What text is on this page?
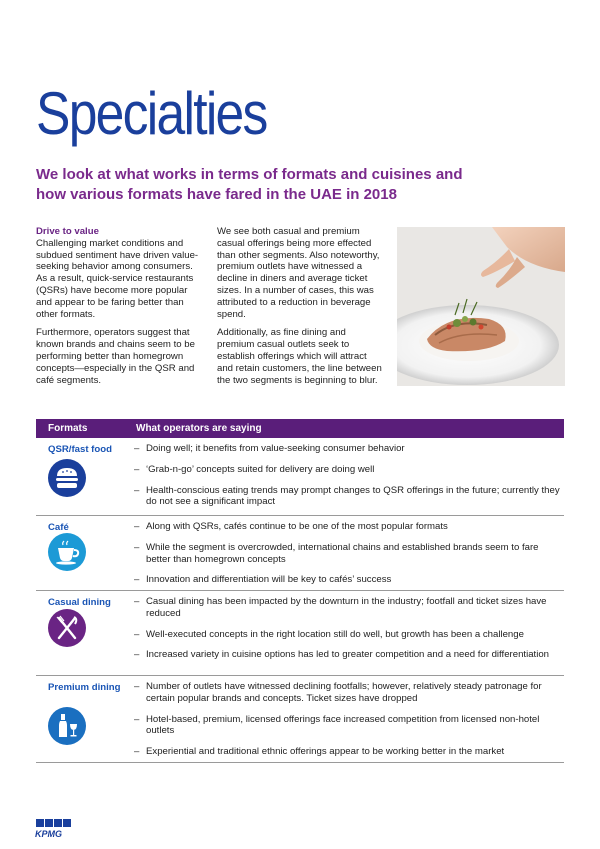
Specialties
We look at what works in terms of formats and cuisines and how various formats have fared in the UAE in 2018

Drive to value
Challenging market conditions and subdued sentiment have driven value-seeking behavior among consumers. As a result, quick-service restaurants (QSRs) have become more popular and appear to be faring better than other formats.

Furthermore, operators suggest that known brands and chains seem to be performing better than homegrown concepts—especially in the QSR and café segments.

We see both casual and premium casual offerings being more effected than other segments. Also noteworthy, premium outlets have witnessed a decline in diners and average ticket sizes. In a number of cases, this was attributed to a reduction in beverage spend.

Additionally, as fine dining and premium casual outlets seek to establish offerings which will attract and retain customers, the line between the two segments is beginning to blur.

Formats	What operators are saying
QSR/fast food	– Doing well; it benefits from value-seeking consumer behavior
– ‘Grab-n-go’ concepts suited for delivery are doing well
– Health-conscious eating trends may prompt changes to QSR offerings in the future; currently they do not see a significant impact
Café	– Along with QSRs, cafés continue to be one of the most popular formats
– While the segment is overcrowded, international chains and established brands seem to fare better than homegrown concepts
– Innovation and differentiation will be key to cafés’ success
Casual dining	– Casual dining has been impacted by the downturn in the industry; footfall and ticket sizes have reduced
– Well-executed concepts in the right location still do well, but growth has been a challenge
– Increased variety in cuisine options has led to greater competition and a need for differentiation
Premium dining	– Number of outlets have witnessed declining footfalls; however, relatively steady patronage for certain popular brands and concepts. Ticket sizes have dropped
– Hotel-based, premium, licensed offerings face increased competition from licensed non-hotel outlets
– Experiential and traditional ethnic offerings appear to be working better in the market
KPMG
